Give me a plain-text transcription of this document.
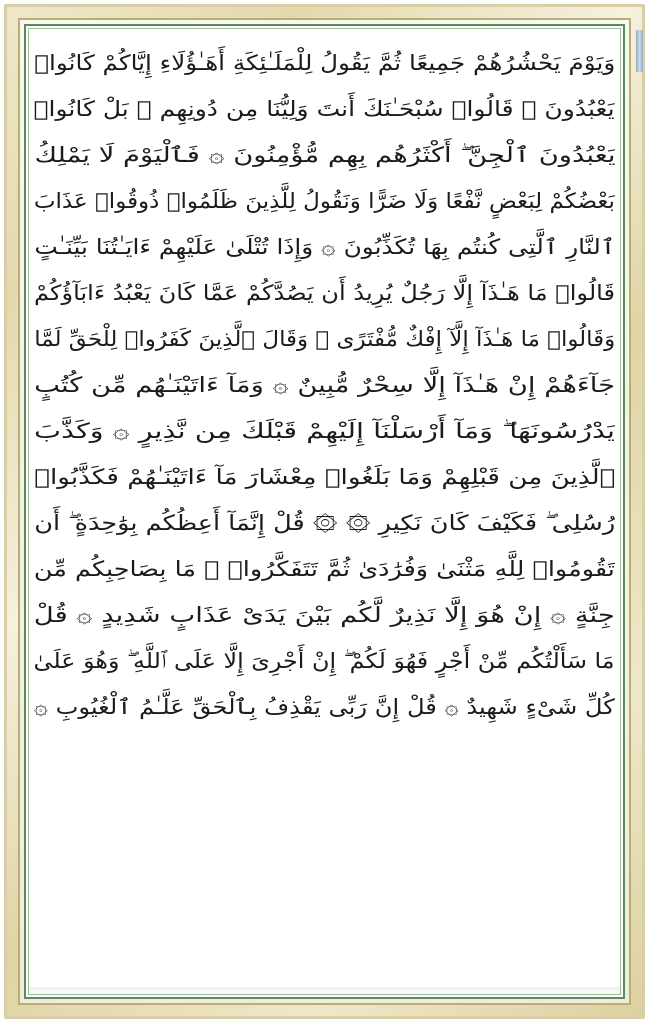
وَيَوْمَ يَحْشُرُهُمْ جَمِيعًا ثُمَّ يَقُولُ لِلْمَلَـٰئِكَةِ أَهَـٰؤُلَاءِ إِيَّاكُمْ كَانُوا۟
يَعْبُدُونَ ۞ قَالُوا۟ سُبْحَـٰنَكَ أَنتَ وَلِيُّنَا مِن دُونِهِم ۖ بَلْ كَانُوا۟
يَعْبُدُونَ ٱلْجِنَّ ۖ أَكْثَرُهُم بِهِم مُّؤْمِنُونَ ۞ فَٱلْيَوْمَ لَا يَمْلِكُ
بَعْضُكُمْ لِبَعْضٍ نَّفْعًا وَلَا ضَرًّا وَنَقُولُ لِلَّذِينَ ظَلَمُوا۟ ذُوقُوا۟ عَذَابَ
ٱلنَّارِ ٱلَّتِى كُنتُم بِهَا تُكَذِّبُونَ ۞ وَإِذَا تُتْلَىٰ عَلَيْهِمْ ءَايَـٰتُنَا بَيِّنَـٰتٍ
قَالُوا۟ مَا هَـٰذَآ إِلَّا رَجُلٌ يُرِيدُ أَن يَصُدَّكُمْ عَمَّا كَانَ يَعْبُدُ ءَابَآؤُكُمْ
وَقَالُوا۟ مَا هَـٰذَآ إِلَّآ إِفْكٌ مُّفْتَرًى ۚ وَقَالَ ٱلَّذِينَ كَفَرُوا۟ لِلْحَقِّ لَمَّا
جَآءَهُمْ إِنْ هَـٰذَآ إِلَّا سِحْرٌ مُّبِينٌ ۞ وَمَآ ءَاتَيْنَـٰهُم مِّن كُتُبٍ
يَدْرُسُونَهَا ۖ وَمَآ أَرْسَلْنَآ إِلَيْهِمْ قَبْلَكَ مِن نَّذِيرٍ ۞ وَكَذَّبَ
ٱلَّذِينَ مِن قَبْلِهِمْ وَمَا بَلَغُوا۟ مِعْشَارَ مَآ ءَاتَيْنَـٰهُمْ فَكَذَّبُوا۟
رُسُلِى ۖ فَكَيْفَ كَانَ نَكِيرِ ۞ ۞ قُلْ إِنَّمَآ أَعِظُكُم بِوَٰحِدَةٍ ۖ أَن
تَقُومُوا۟ لِلَّهِ مَثْنَىٰ وَفُرَٰدَىٰ ثُمَّ تَتَفَكَّرُوا۟ ۚ مَا بِصَاحِبِكُم مِّن
جِنَّةٍ ۞ إِنْ هُوَ إِلَّا نَذِيرٌ لَّكُم بَيْنَ يَدَىْ عَذَابٍ شَدِيدٍ ۞ قُلْ
مَا سَأَلْتُكُم مِّنْ أَجْرٍ فَهُوَ لَكُمْ ۖ إِنْ أَجْرِىَ إِلَّا عَلَى ٱللَّهِ ۖ وَهُوَ عَلَىٰ
كُلِّ شَىْءٍ شَهِيدٌ ۞ قُلْ إِنَّ رَبِّى يَقْذِفُ بِٱلْحَقِّ عَلَّـٰمُ ٱلْغُيُوبِ ۞
